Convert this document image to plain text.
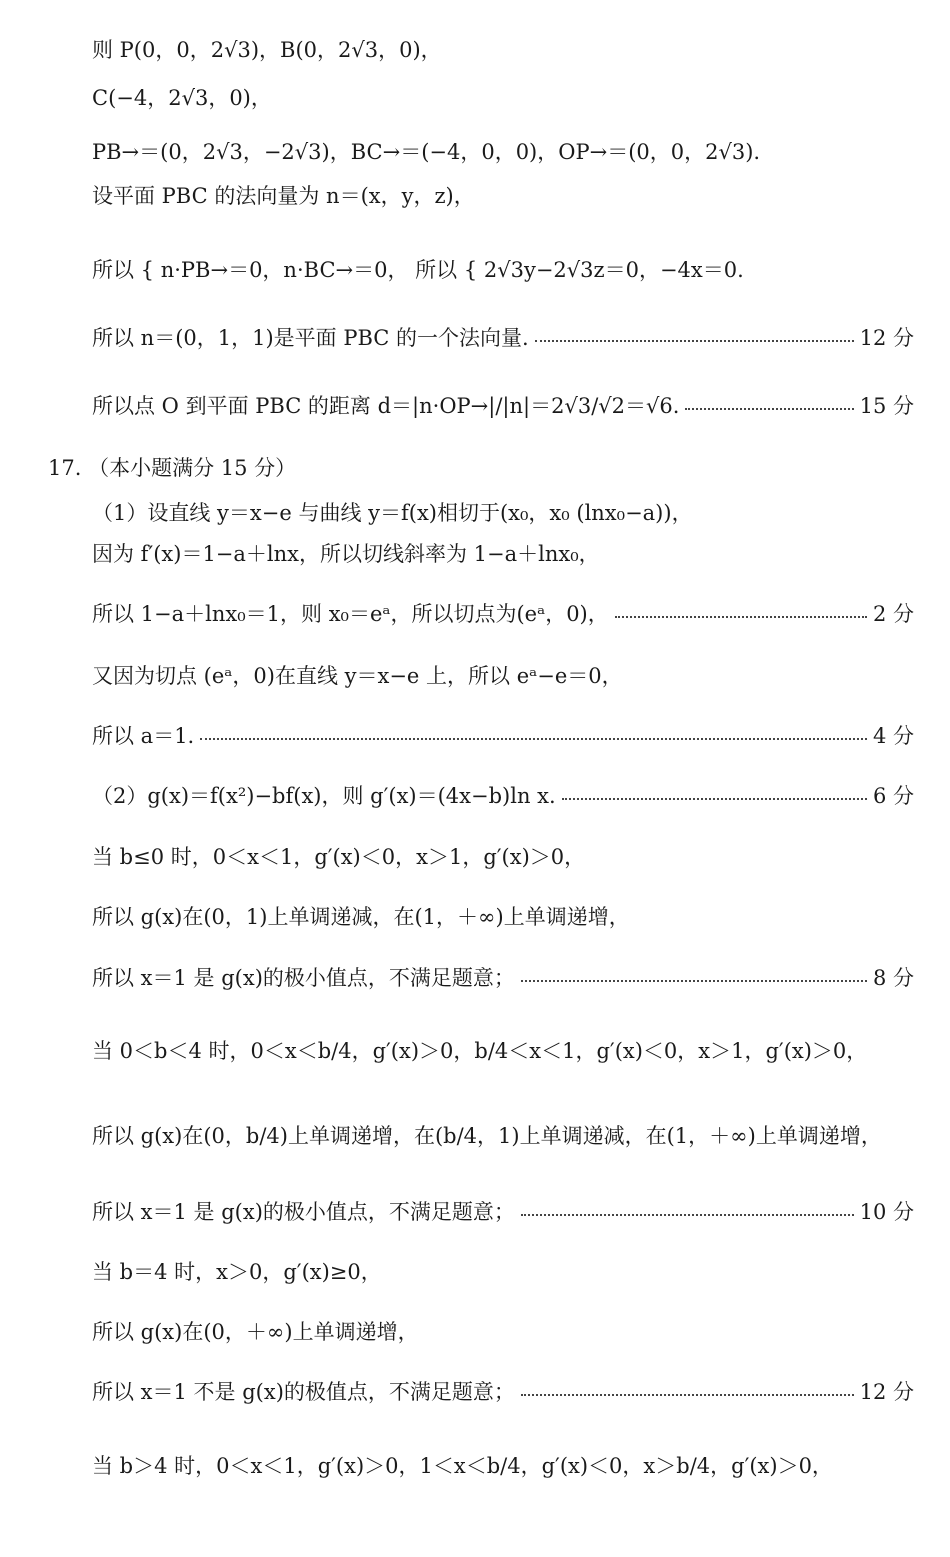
则 P(0，0，2√3)，B(0，2√3，0)，
C(−4，2√3，0)，
PB→＝(0，2√3，−2√3)，BC→＝(−4，0，0)，OP→＝(0，0，2√3).
设平面 PBC 的法向量为 n＝(x，y，z)，
所以 { n·PB→＝0，n·BC→＝0， 所以 { 2√3y−2√3z＝0，−4x＝0.
所以 n＝(0，1，1)是平面 PBC 的一个法向量.	12 分
所以点 O 到平面 PBC 的距离 d＝|n·OP→|/|n|＝2√3/√2＝√6.	15 分
17. （本小题满分 15 分）
（1）设直线 y＝x−e 与曲线 y＝f(x)相切于(x₀，x₀ (lnx₀−a))，
因为 f′(x)＝1−a＋lnx，所以切线斜率为 1−a＋lnx₀，
所以 1−a＋lnx₀＝1，则 x₀＝eᵃ，所以切点为(eᵃ，0)，	2 分
又因为切点 (eᵃ，0)在直线 y＝x−e 上，所以 eᵃ−e＝0，
所以 a＝1.	4 分
（2）g(x)＝f(x²)−bf(x)，则 g′(x)＝(4x−b)ln x.	6 分
当 b≤0 时，0＜x＜1，g′(x)＜0，x＞1，g′(x)＞0，
所以 g(x)在(0，1)上单调递减，在(1，＋∞)上单调递增，
所以 x＝1 是 g(x)的极小值点，不满足题意；	8 分
当 0＜b＜4 时，0＜x＜b/4，g′(x)＞0，b/4＜x＜1，g′(x)＜0，x＞1，g′(x)＞0，
所以 g(x)在(0，b/4)上单调递增，在(b/4，1)上单调递减，在(1，＋∞)上单调递增，
所以 x＝1 是 g(x)的极小值点，不满足题意；	10 分
当 b＝4 时，x＞0，g′(x)≥0，
所以 g(x)在(0，＋∞)上单调递增，
所以 x＝1 不是 g(x)的极值点，不满足题意；	12 分
当 b＞4 时，0＜x＜1，g′(x)＞0，1＜x＜b/4，g′(x)＜0，x＞b/4，g′(x)＞0，
